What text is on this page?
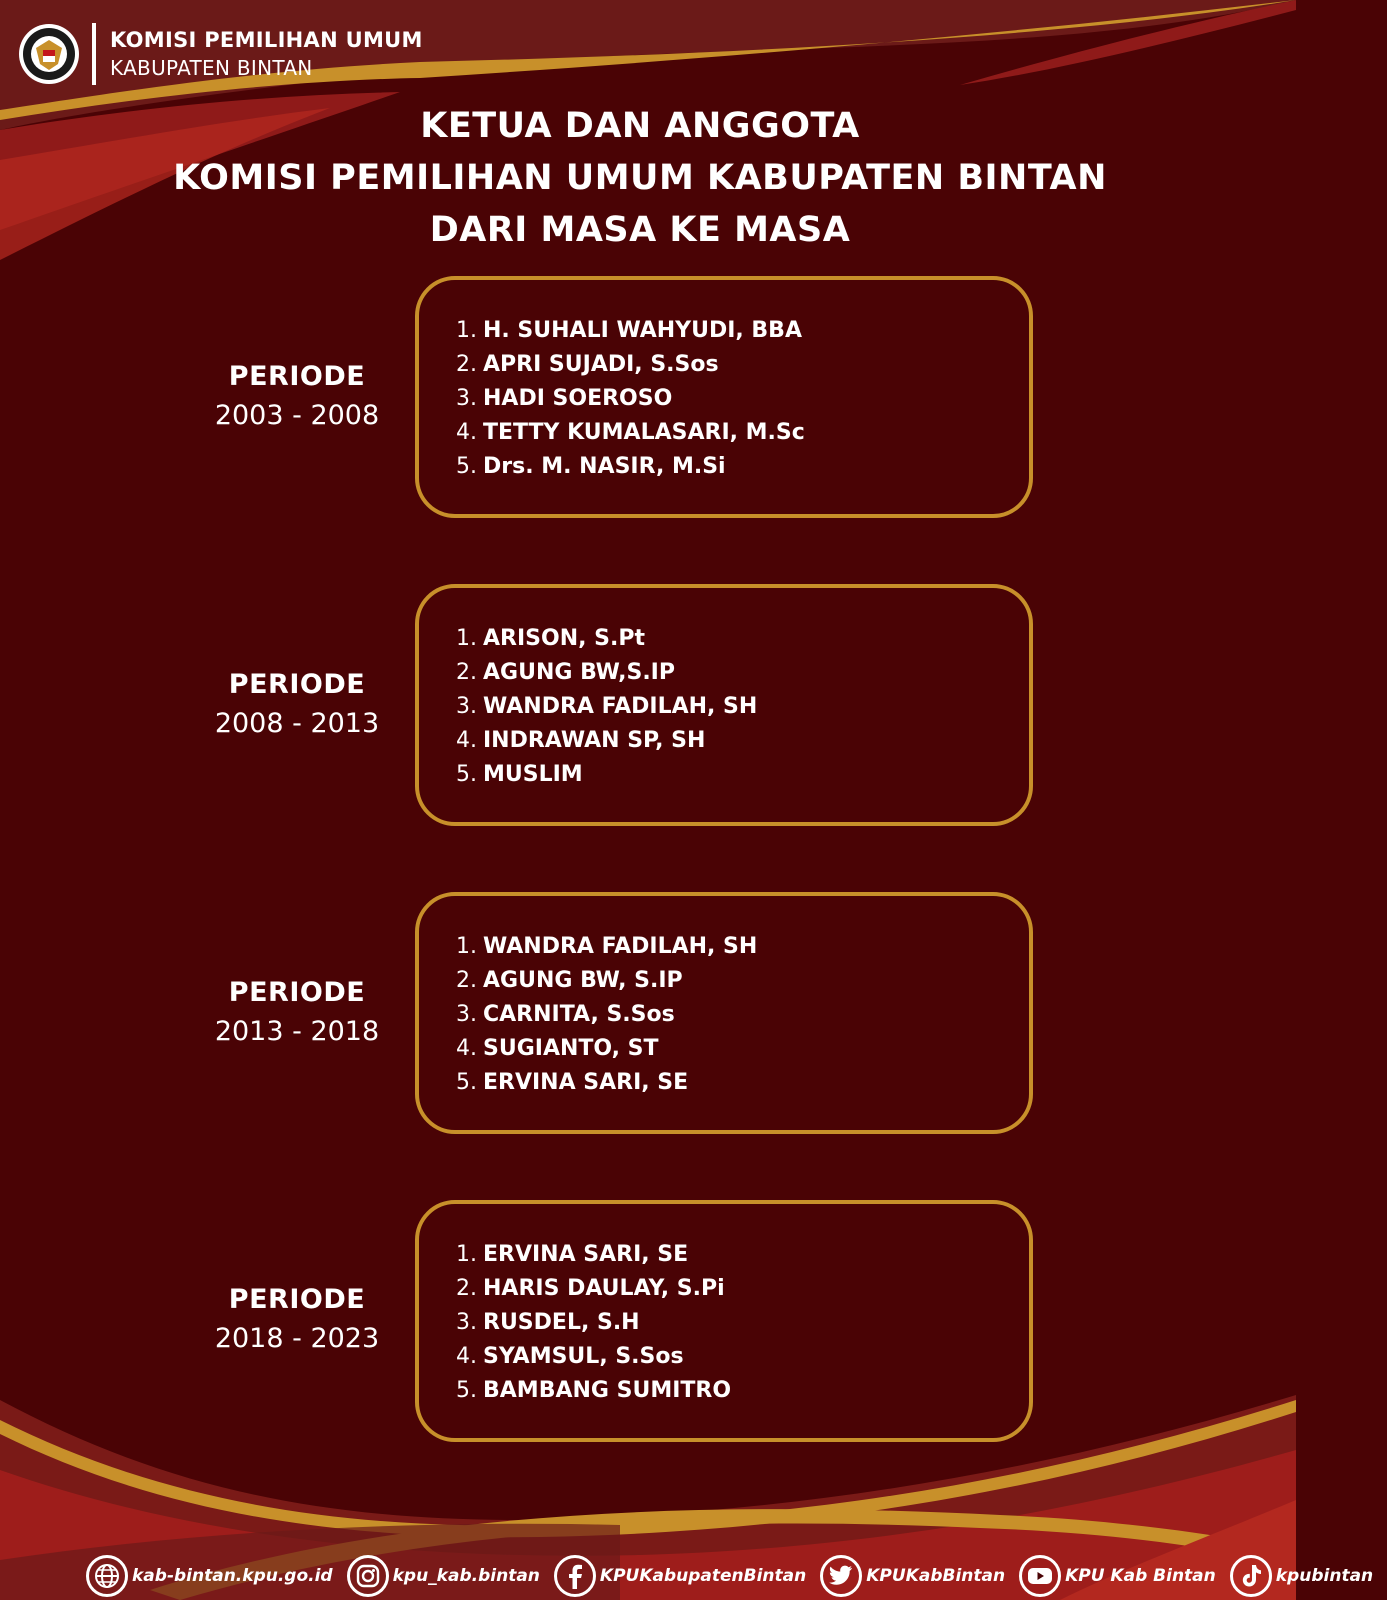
KOMISI PEMILIHAN UMUM
KABUPATEN BINTAN
KETUA DAN ANGGOTA
KOMISI PEMILIHAN UMUM KABUPATEN BINTAN
DARI MASA KE MASA
PERIODE
2003 - 2008
1. H. SUHALI WAHYUDI, BBA
2. APRI SUJADI, S.Sos
3. HADI SOEROSO
4. TETTY KUMALASARI, M.Sc
5. Drs. M. NASIR, M.Si
PERIODE
2008 - 2013
1. ARISON, S.Pt
2. AGUNG BW,S.IP
3. WANDRA FADILAH, SH
4. INDRAWAN SP, SH
5. MUSLIM
PERIODE
2013 - 2018
1. WANDRA FADILAH, SH
2. AGUNG BW, S.IP
3. CARNITA, S.Sos
4. SUGIANTO, ST
5. ERVINA SARI, SE
PERIODE
2018 - 2023
1. ERVINA SARI, SE
2. HARIS DAULAY, S.Pi
3. RUSDEL, S.H
4. SYAMSUL, S.Sos
5. BAMBANG SUMITRO
kab-bintan.kpu.go.id	kpu_kab.bintan	KPUKabupatenBintan	KPUKabBintan	KPU Kab Bintan	kpubintan
